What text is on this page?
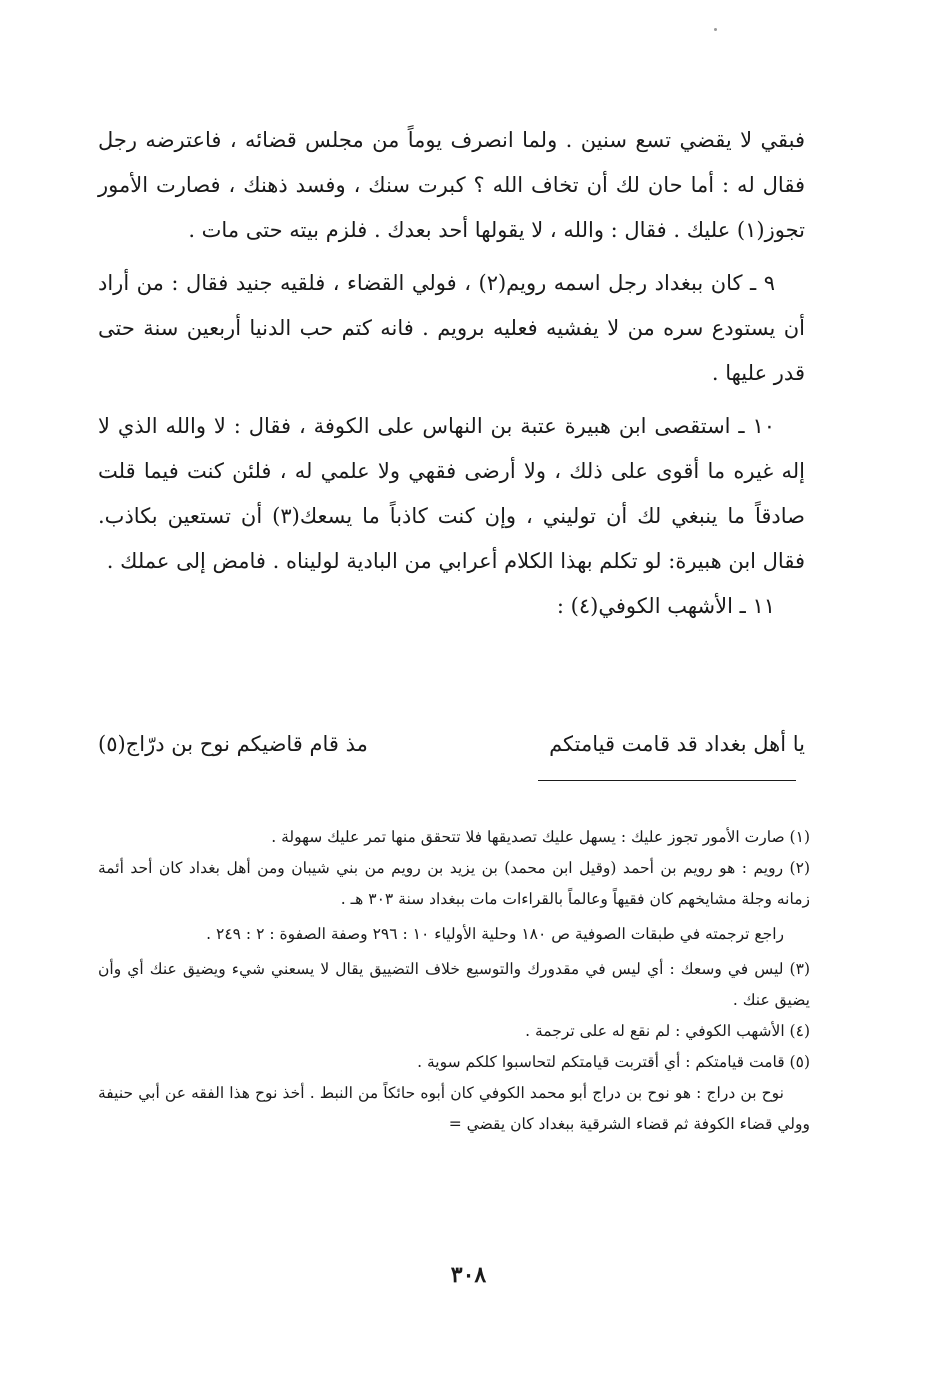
فبقي لا يقضي تسع سنين . ولما انصرف يوماً من مجلس قضائه ، فاعترضه رجل فقال له : أما حان لك أن تخاف الله ؟ كبرت سنك ، وفسد ذهنك ، فصارت الأمور تجوز(١) عليك . فقال : والله ، لا يقولها أحد بعدك . فلزم بيته حتى مات .

٩ ـ كان ببغداد رجل اسمه رويم(٢) ، فولي القضاء ، فلقيه جنيد فقال : من أراد أن يستودع سره من لا يفشيه فعليه برويم . فانه كتم حب الدنيا أربعين سنة حتى قدر عليها .

١٠ ـ استقصى ابن هبيرة عتبة بن النهاس على الكوفة ، فقال : لا والله الذي لا إله غيره ما أقوى على ذلك ، ولا أرضى فقهي ولا علمي له ، فلئن كنت فيما قلت صادقاً ما ينبغي لك أن توليني ، وإن كنت كاذباً ما يسعك(٣) أن تستعين بكاذب. فقال ابن هبيرة: لو تكلم بهذا الكلام أعرابي من البادية لوليناه . فامض إلى عملك .

١١ ـ الأشهب الكوفي(٤) :

يا أهل بغداد قد قامت قيامتكم
مذ قام قاضيكم نوح بن درّاج(٥)

(١) صارت الأمور تجوز عليك : يسهل عليك تصديقها فلا تتحقق منها تمر عليك سهولة .

(٢) رويم : هو رويم بن أحمد (وقيل ابن محمد) بن يزيد بن رويم من بني شيبان ومن أهل بغداد كان أحد أئمة زمانه وجلة مشايخهم كان فقيهاً وعالماً بالقراءات مات ببغداد سنة ٣٠٣ هـ .

راجع ترجمته في طبقات الصوفية ص ١٨٠ وحلية الأولياء ١٠ : ٢٩٦ وصفة الصفوة : ٢ : ٢٤٩ .

(٣) ليس في وسعك : أي ليس في مقدورك والتوسيع خلاف التضييق يقال لا يسعني شيء ويضيق عنك أي وأن يضيق عنك .

(٤) الأشهب الكوفي : لم نقع له على ترجمة .

(٥) قامت قيامتكم : أي أقتربت قيامتكم لتحاسبوا كلكم سوية .

نوح بن دراج : هو نوح بن دراج أبو محمد الكوفي كان أبوه حائكاً من النبط . أخذ نوح هذا الفقه عن أبي حنيفة وولي قضاء الكوفة ثم قضاء الشرقية ببغداد كان يقضي =

٣٠٨
